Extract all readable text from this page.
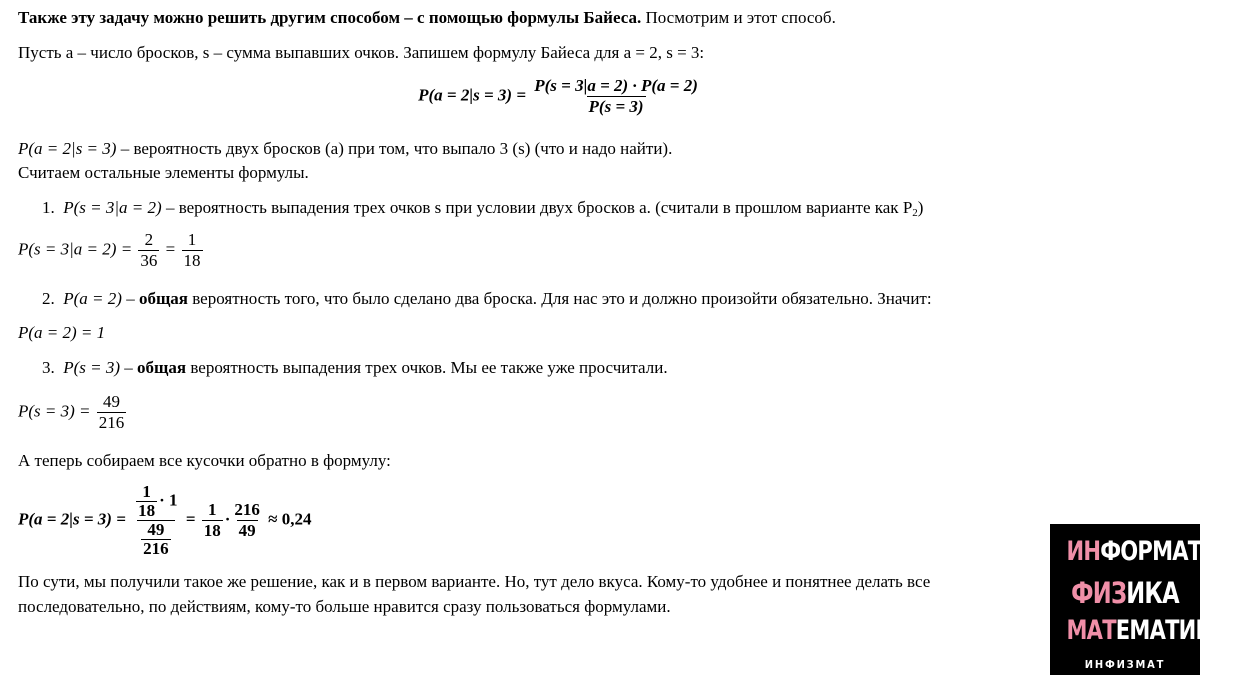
Также эту задачу можно решить другим способом – с помощью формулы Байеса. Посмотрим и этот способ.
Пусть a – число бросков, s – сумма выпавших очков. Запишем формулу Байеса для a = 2, s = 3:
$P(a = 2|s = 3) = \frac{P(s = 3|a = 2) \cdot P(a = 2)}{P(s = 3)}$
P(a = 2|s = 3) – вероятность двух бросков (a) при том, что выпало 3 (s) (что и надо найти).
Считаем остальные элементы формулы.
1. P(s = 3|a = 2) – вероятность выпадения трех очков s при условии двух бросков a. (считали в прошлом варианте как $P_2$)
$P(s = 3|a = 2) = \frac{2}{36} = \frac{1}{18}$
2. P(a = 2) – общая вероятность того, что было сделано два броска. Для нас это и должно произойти обязательно. Значит:
P(a = 2) = 1
3. P(s = 3) – общая вероятность выпадения трех очков. Мы ее также уже просчитали.
$P(s = 3) = \frac{49}{216}$
А теперь собираем все кусочки обратно в формулу:
$P(a = 2|s = 3) = \frac{\frac{1}{18} \cdot 1}{\frac{49}{216}} = \frac{1}{18} \cdot \frac{216}{49} \approx 0,24$
По сути, мы получили такое же решение, как и в первом варианте. Но, тут дело вкуса. Кому-то удобнее и понятнее делать все
последовательно, по действиям, кому-то больше нравится сразу пользоваться формулами.
ИНФОРМАТИКА
ФИЗИКА
МАТЕМАТИКА
ИНФИЗМАТ
